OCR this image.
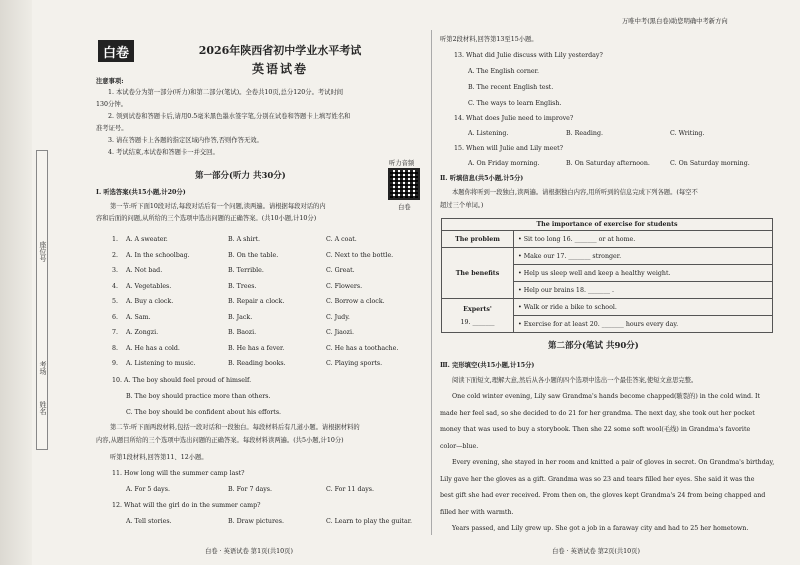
座位号
考场
姓名
万唯中考(黑白卷)助您明确中考新方向
白卷	2026年陕西省初中学业水平考试
英语试卷
注意事项:
1. 本试卷分为第一部分(听力)和第二部分(笔试)。全卷共10页,总分120分。考试时间
130分钟。
2. 领到试卷和答题卡后,请用0.5毫米黑色墨水签字笔,分别在试卷和答题卡上填写姓名和
准考证号。
3. 请在答题卡上各题的指定区域内作答,否则作答无效。
4. 考试结束,本试卷和答题卡一并交回。
听力音频
白卷
第一部分(听力 共30分)
Ⅰ. 听选答案(共15小题,计20分)
第一节:听下面10段对话,每段对话后有一个问题,读两遍。请根据每段对话的内
容和后面的问题,从所给的三个选项中选出问题的正确答案。(共10小题,计10分)
1. A. A sweater.	B. A shirt.	C. A coat.
2. A. In the schoolbag.	B. On the table.	C. Next to the bottle.
3. A. Not bad.	B. Terrible.	C. Great.
4. A. Vegetables.	B. Trees.	C. Flowers.
5. A. Buy a clock.	B. Repair a clock.	C. Borrow a clock.
6. A. Sam.	B. Jack.	C. Judy.
7. A. Zongzi.	B. Baozi.	C. Jiaozi.
8. A. He has a cold.	B. He has a fever.	C. He has a toothache.
9. A. Listening to music.	B. Reading books.	C. Playing sports.
10. A. The boy should feel proud of himself.
B. The boy should practice more than others.
C. The boy should be confident about his efforts.
第二节:听下面两段材料,包括一段对话和一段独白。每段材料后有几道小题。请根据材料的
内容,从题目所给的三个选项中选出问题的正确答案。每段材料读两遍。(共5小题,计10分)
听第1段材料,回答第11、12小题。
11. How long will the summer camp last?
A. For 5 days.	B. For 7 days.	C. For 11 days.
12. What will the girl do in the summer camp?
A. Tell stories.	B. Draw pictures.	C. Learn to play the guitar.
白卷 · 英语试卷 第1页(共10页)
听第2段材料,回答第13至15小题。
13. What did Julie discuss with Lily yesterday?
A. The English corner.
B. The recent English test.
C. The ways to learn English.
14. What does Julie need to improve?
A. Listening.	B. Reading.	C. Writing.
15. When will Julie and Lily meet?
A. On Friday morning.	B. On Saturday afternoon.	C. On Saturday morning.
Ⅱ. 听填信息(共5小题,计5分)
本题你将听到一段独白,读两遍。请根据独白内容,用所听到的信息完成下列各题。(每空不
超过三个单词。)
The importance of exercise for students	
The problem	• Sit too long 16. _______ or at home.
The benefits	• Make our 17. _______ stronger.
	• Help us sleep well and keep a healthy weight.
	• Help our brains 18. _______ .

Experts'
19. _______	• Walk or ride a bike to school.
	• Exercise for at least 20. _______ hours every day.
第二部分(笔试 共90分)
Ⅲ. 完形填空(共15小题,计15分)
阅读下面短文,理解大意,然后从各小题的四个选项中选出一个最佳答案,使短文意思完整。
One cold winter evening, Lily saw Grandma's hands become chapped(皲裂的) in the cold wind. It
made her feel sad, so she decided to do 21 for her grandma. The next day, she took out her pocket
money that was used to buy a storybook. Then she 22 some soft wool(毛线) in Grandma's favorite
color—blue.
Every evening, she stayed in her room and knitted a pair of gloves in secret. On Grandma's birthday,
Lily gave her the gloves as a gift. Grandma was so 23 and tears filled her eyes. She said it was the
best gift she had ever received. From then on, the gloves kept Grandma's 24 from being chapped and
filled her with warmth.
Years passed, and Lily grew up. She got a job in a faraway city and had to 25 her hometown.
白卷 · 英语试卷 第2页(共10页)
